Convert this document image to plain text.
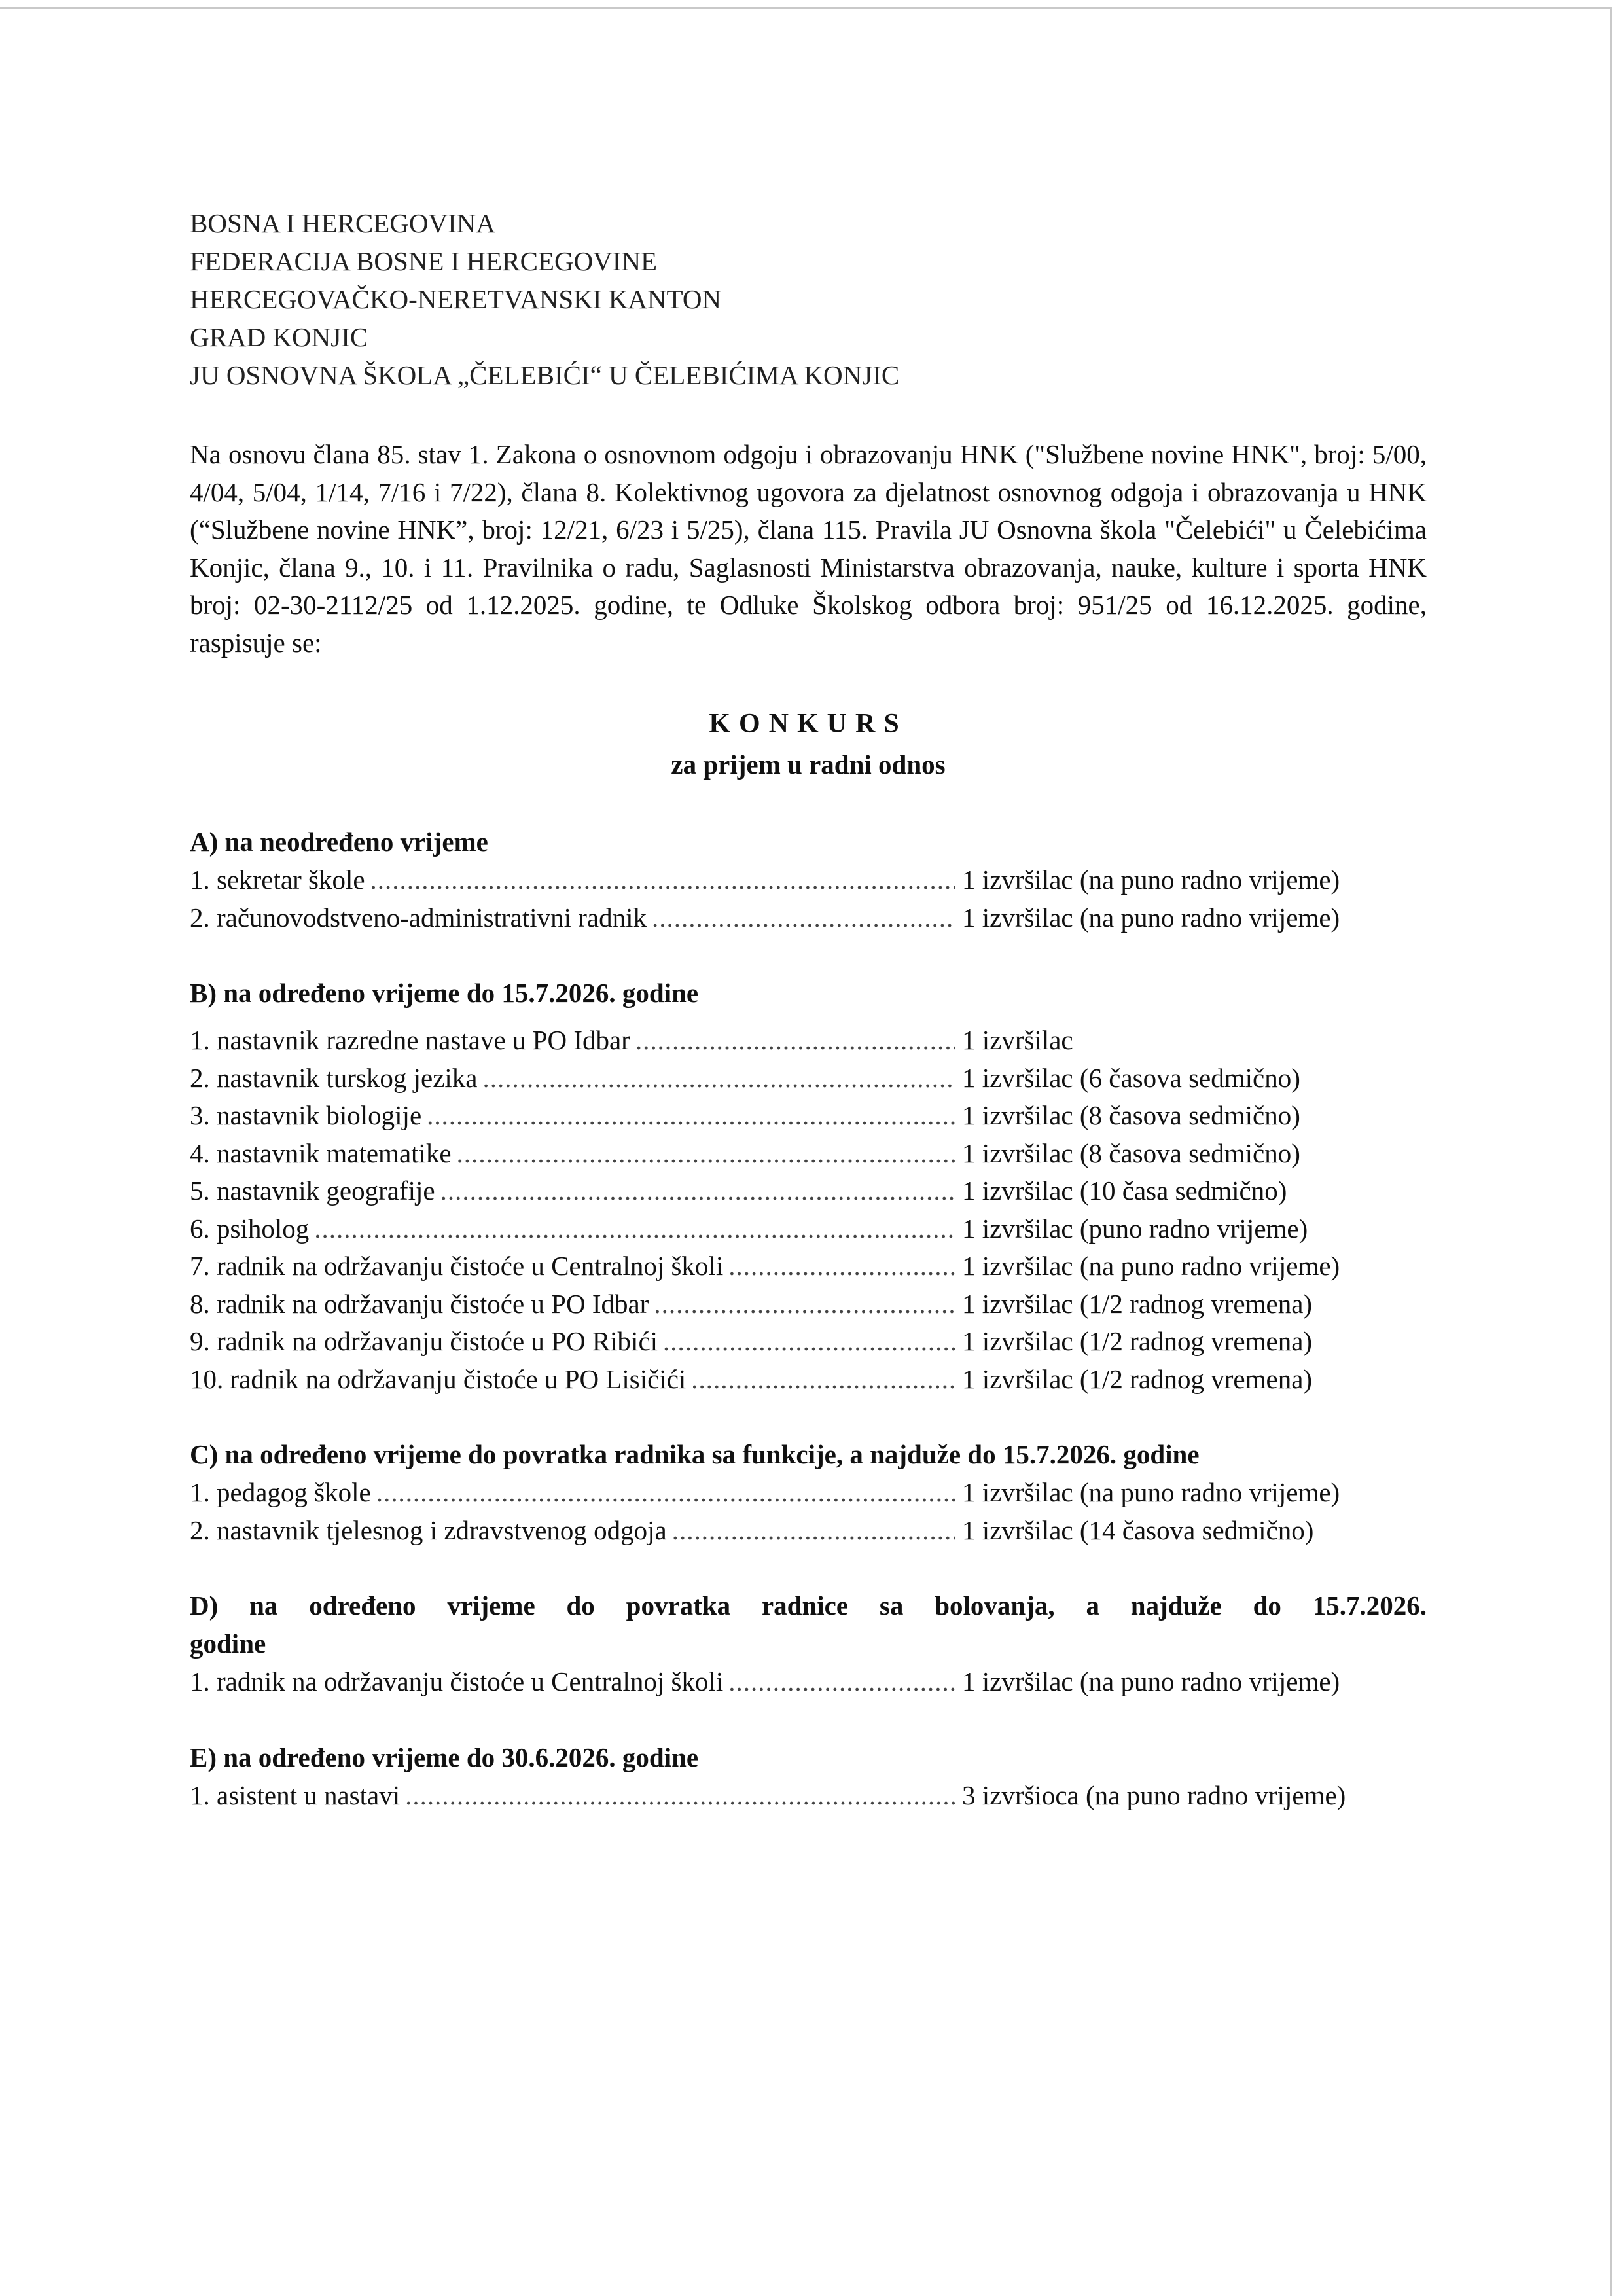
BOSNA I HERCEGOVINA
FEDERACIJA BOSNE I HERCEGOVINE
HERCEGOVAČKO-NERETVANSKI KANTON
GRAD KONJIC
JU OSNOVNA ŠKOLA „ČELEBIĆI“ U ČELEBIĆIMA KONJIC
Na osnovu člana 85. stav 1. Zakona o osnovnom odgoju i obrazovanju HNK ("Službene novine HNK", broj: 5/00, 4/04, 5/04, 1/14, 7/16 i 7/22), člana 8. Kolektivnog ugovora za djelatnost osnovnog odgoja i obrazovanja u HNK (“Službene novine HNK”, broj: 12/21, 6/23 i 5/25), člana 115. Pravila JU Osnovna škola "Čelebići" u Čelebićima Konjic, člana 9., 10. i 11. Pravilnika o radu, Saglasnosti Ministarstva obrazovanja, nauke, kulture i sporta HNK broj: 02-30-2112/25 od 1.12.2025. godine, te Odluke Školskog odbora broj: 951/25 od 16.12.2025. godine, raspisuje se:
KONKURS
za prijem u radni odnos
A) na neodređeno vrijeme
1. sekretar škole .....	1 izvršilac (na puno radno vrijeme)
2. računovodstveno-administrativni radnik .....	1 izvršilac (na puno radno vrijeme)
B) na određeno vrijeme do 15.7.2026. godine
1. nastavnik razredne nastave u PO Idbar .....	1 izvršilac
2. nastavnik turskog jezika .....	1 izvršilac (6 časova sedmično)
3. nastavnik biologije .....	1 izvršilac (8 časova sedmično)
4. nastavnik matematike .....	1 izvršilac (8 časova sedmično)
5. nastavnik geografije .....	1 izvršilac (10 časa sedmično)
6. psiholog .....	1 izvršilac (puno radno vrijeme)
7. radnik na održavanju čistoće u Centralnoj školi .....	1 izvršilac (na puno radno vrijeme)
8. radnik na održavanju čistoće u PO Idbar .....	1 izvršilac (1/2 radnog vremena)
9. radnik na održavanju čistoće u PO Ribići .....	1 izvršilac (1/2 radnog vremena)
10. radnik na održavanju čistoće u PO Lisičići .....	1 izvršilac (1/2 radnog vremena)
C) na određeno vrijeme do povratka radnika sa funkcije, a najduže do 15.7.2026. godine
1. pedagog škole .....	1 izvršilac (na puno radno vrijeme)
2. nastavnik tjelesnog i zdravstvenog odgoja .....	1 izvršilac (14 časova sedmično)
D) na određeno vrijeme do povratka radnice sa bolovanja, a najduže do 15.7.2026.
godine
1. radnik na održavanju čistoće u Centralnoj školi .....	1 izvršilac (na puno radno vrijeme)
E) na određeno vrijeme do 30.6.2026. godine
1. asistent u nastavi .....	3 izvršioca (na puno radno vrijeme)
